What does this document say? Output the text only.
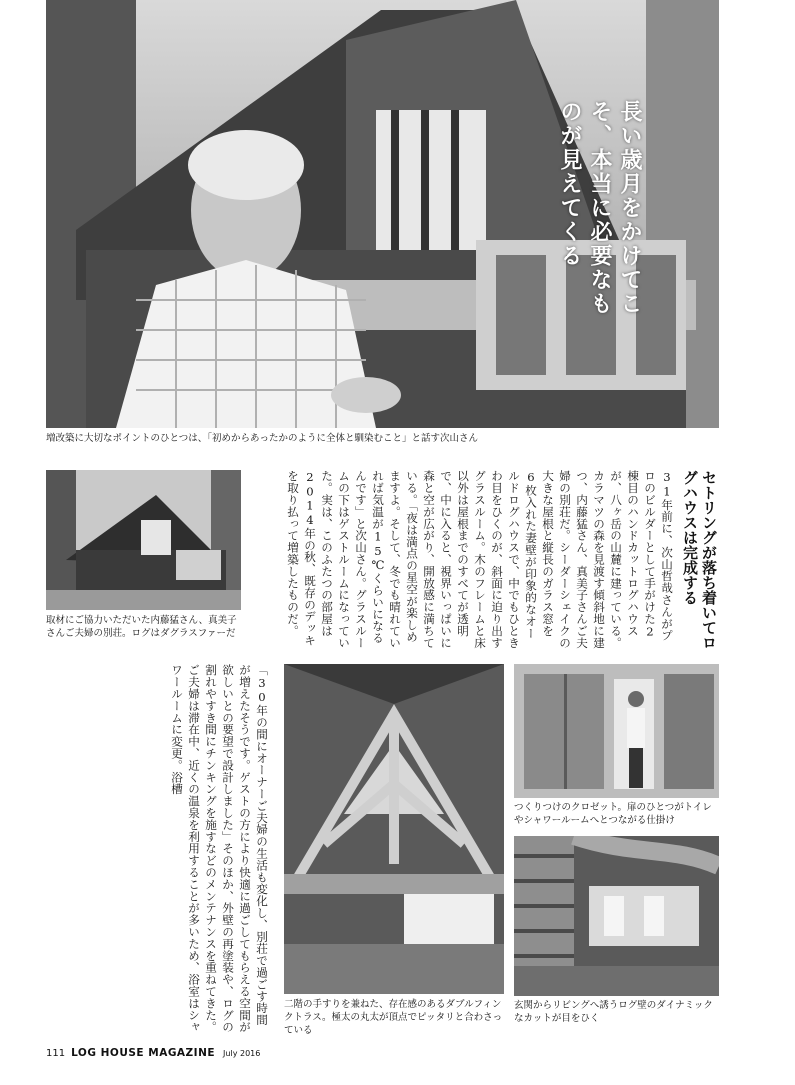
長い歳月をかけてこそ、本当に必要なものが見えてくる
増改築に大切なポイントのひとつは、「初めからあったかのように全体と馴染むこと」と話す次山さん
取材にご協力いただいた内藤猛さん、真美子さんご夫婦の別荘。ログはダグラスファーだ	セトリングが落ち着いてログハウスは完成する
31年前に、次山哲哉さんがプロのビルダーとして手がけた2棟目のハンドカットログハウスが、八ヶ岳の山麓に建っている。カラマツの森を見渡す傾斜地に建つ、内藤猛さん、真美子さんご夫婦の別荘だ。シーダーシェイクの大きな屋根と縦長のガラス窓を6枚入れた妻壁が印象的なオールドログハウスで、中でもひときわ目をひくのが、斜面に迫り出すグラスルーム。木のフレームと床以外は屋根までのすべてが透明で、中に入ると、視界いっぱいに森と空が広がり、開放感に満ちている。「夜は満点の星空が楽しめますよ。そして、冬でも晴れていれば気温が15℃くらいになるんです」と次山さん。グラスルームの下はゲストルームになっていた。実は、このふたつの部屋は2014年の秋、既存のデッキを取り払って増築したものだ。
「30年の間にオーナーご夫婦の生活も変化し、別荘で過ごす時間が増えたそうです。ゲストの方により快適に過ごしてもらえる空間が欲しいとの要望で設計しました」そのほか、外壁の再塗装や、ログの割れやすき間にチンキングを施すなどのメンテナンスを重ねてきた。ご夫婦は滞在中、近くの温泉を利用することが多いため、浴室はシャワールームに変更。浴槽
二階の手すりを兼ねた、存在感のあるダブルフィンクトラス。極太の丸太が頂点でピッタリと合わさっている
つくりつけのクロゼット。扉のひとつがトイレやシャワールームへとつながる仕掛け
玄関からリビングへ誘うログ壁のダイナミックなカットが目をひく
111 LOG HOUSE MAGAZINE July 2016
